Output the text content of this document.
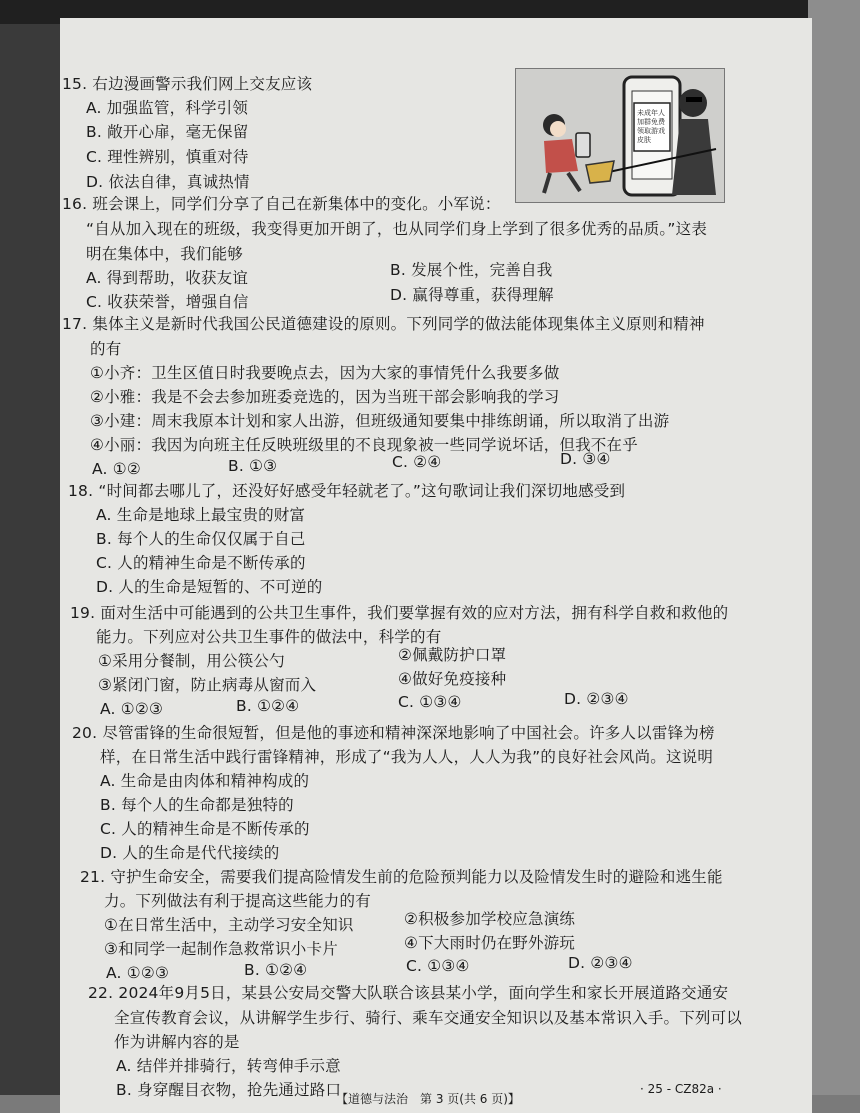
15. 右边漫画警示我们网上交友应该
A. 加强监管，科学引领
B. 敞开心扉，毫无保留
C. 理性辨别，慎重对待
D. 依法自律，真诚热情
未成年人加群免费领取游戏皮肤
16. 班会课上，同学们分享了自己在新集体中的变化。小军说：
“自从加入现在的班级，我变得更加开朗了，也从同学们身上学到了很多优秀的品质。”这表
明在集体中，我们能够
A. 得到帮助，收获友谊	B. 发展个性，完善自我
C. 收获荣誉，增强自信	D. 赢得尊重，获得理解
17. 集体主义是新时代我国公民道德建设的原则。下列同学的做法能体现集体主义原则和精神
的有
①小齐：卫生区值日时我要晚点去，因为大家的事情凭什么我要多做
②小雅：我是不会去参加班委竞选的，因为当班干部会影响我的学习
③小建：周末我原本计划和家人出游，但班级通知要集中排练朗诵，所以取消了出游
④小丽：我因为向班主任反映班级里的不良现象被一些同学说坏话，但我不在乎
A. ①②	B. ①③	C. ②④	D. ③④
18. “时间都去哪儿了，还没好好感受年轻就老了。”这句歌词让我们深切地感受到
A. 生命是地球上最宝贵的财富
B. 每个人的生命仅仅属于自己
C. 人的精神生命是不断传承的
D. 人的生命是短暂的、不可逆的
19. 面对生活中可能遇到的公共卫生事件，我们要掌握有效的应对方法，拥有科学自救和救他的
能力。下列应对公共卫生事件的做法中，科学的有
①采用分餐制，用公筷公勺	②佩戴防护口罩
③紧闭门窗，防止病毒从窗而入	④做好免疫接种
A. ①②③	B. ①②④	C. ①③④	D. ②③④
20. 尽管雷锋的生命很短暂，但是他的事迹和精神深深地影响了中国社会。许多人以雷锋为榜
样，在日常生活中践行雷锋精神，形成了“我为人人，人人为我”的良好社会风尚。这说明
A. 生命是由肉体和精神构成的
B. 每个人的生命都是独特的
C. 人的精神生命是不断传承的
D. 人的生命是代代接续的
21. 守护生命安全，需要我们提高险情发生前的危险预判能力以及险情发生时的避险和逃生能
力。下列做法有利于提高这些能力的有
①在日常生活中，主动学习安全知识	②积极参加学校应急演练
③和同学一起制作急救常识小卡片	④下大雨时仍在野外游玩
A. ①②③	B. ①②④	C. ①③④	D. ②③④
22. 2024年9月5日，某县公安局交警大队联合该县某小学，面向学生和家长开展道路交通安
全宣传教育会议，从讲解学生步行、骑行、乘车交通安全知识以及基本常识入手。下列可以
作为讲解内容的是
A. 结伴并排骑行，转弯伸手示意
B. 身穿醒目衣物，抢先通过路口
【道德与法治　第 3 页(共 6 页)】
· 25 - CZ82a ·
